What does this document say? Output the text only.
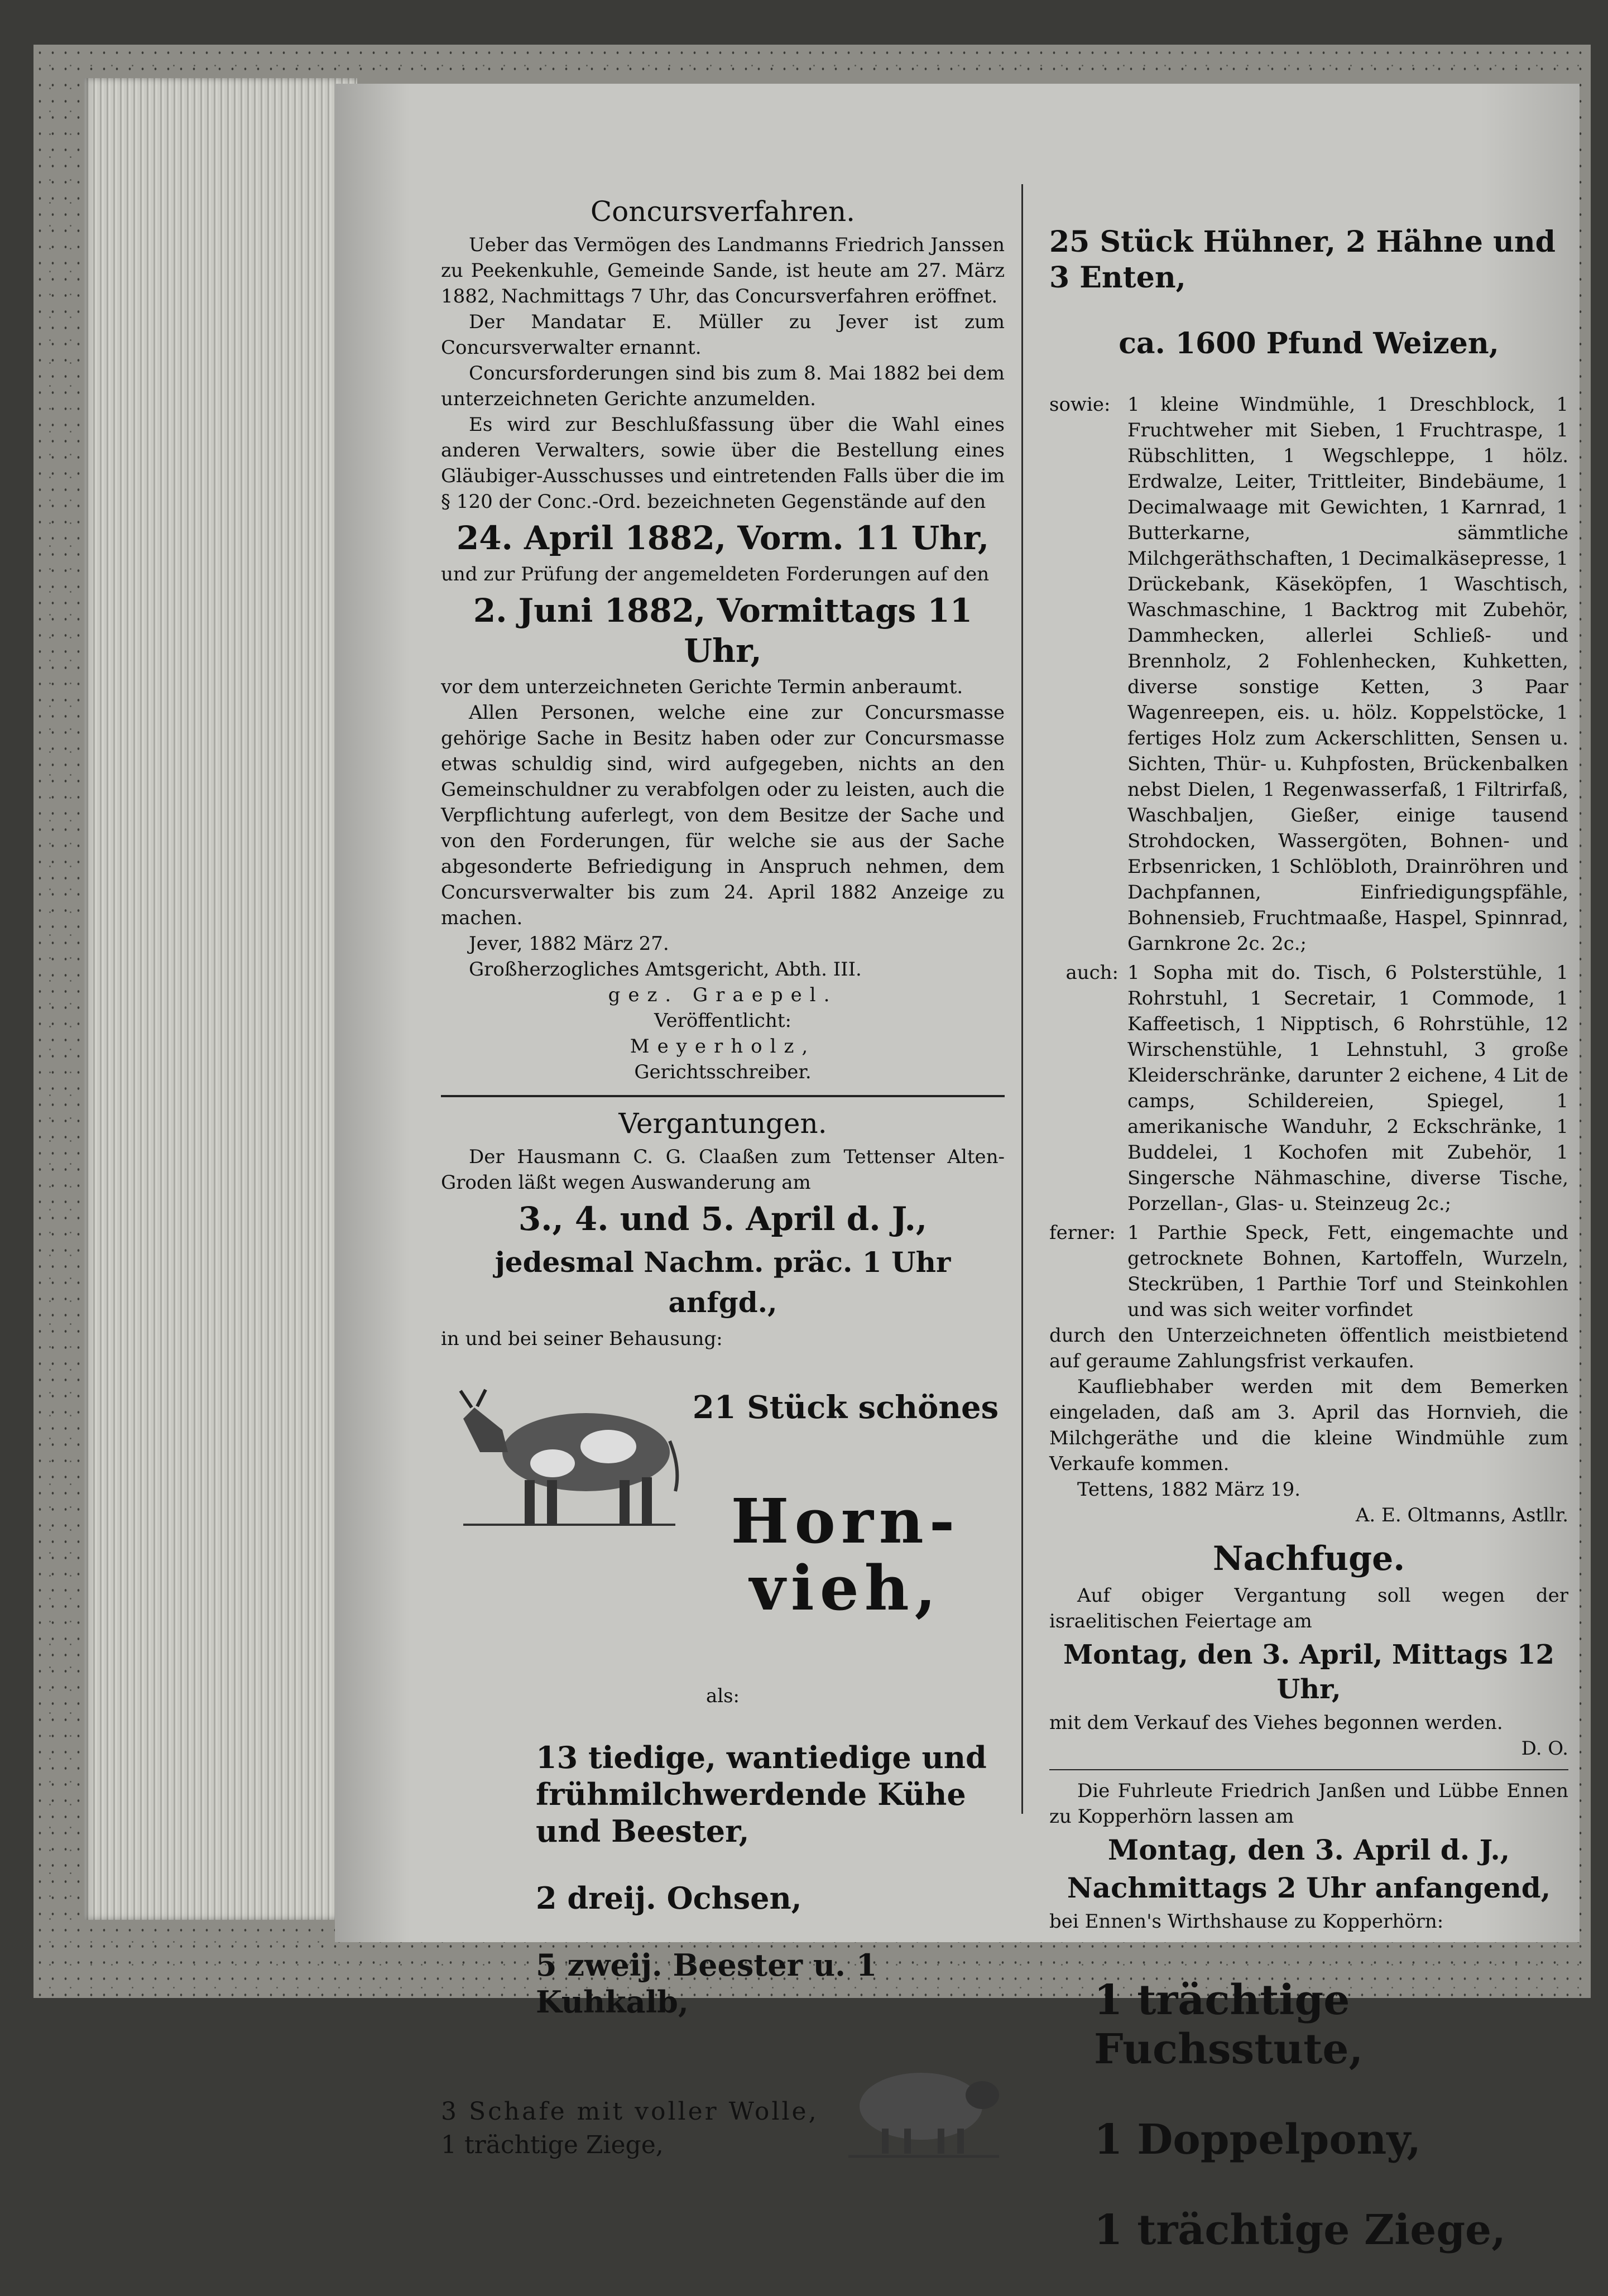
Concursverfahren.

Ueber das Vermögen des Landmanns Friedrich Janssen zu Peekenkuhle, Gemeinde Sande, ist heute am 27. März 1882, Nachmittags 7 Uhr, das Concursverfahren eröffnet.

Der Mandatar E. Müller zu Jever ist zum Concursverwalter ernannt.

Concursforderungen sind bis zum 8. Mai 1882 bei dem unterzeichneten Gerichte anzumelden.

Es wird zur Beschlußfassung über die Wahl eines anderen Verwalters, sowie über die Bestellung eines Gläubiger-Ausschusses und eintretenden Falls über die im § 120 der Conc.-Ord. bezeichneten Gegenstände auf den

24. April 1882, Vorm. 11 Uhr,

und zur Prüfung der angemeldeten Forderungen auf den

2. Juni 1882, Vormittags 11 Uhr,

vor dem unterzeichneten Gerichte Termin anberaumt.

Allen Personen, welche eine zur Concursmasse gehörige Sache in Besitz haben oder zur Concursmasse etwas schuldig sind, wird aufgegeben, nichts an den Gemeinschuldner zu verabfolgen oder zu leisten, auch die Verpflichtung auferlegt, von dem Besitze der Sache und von den Forderungen, für welche sie aus der Sache abgesonderte Befriedigung in Anspruch nehmen, dem Concursverwalter bis zum 24. April 1882 Anzeige zu machen.

Jever, 1882 März 27.

Großherzogliches Amtsgericht, Abth. III.

gez. Graepel.

Veröffentlicht:

Meyerholz,

Gerichtsschreiber.

Vergantungen.

Der Hausmann C. G. Claaßen zum Tettenser Alten-Groden läßt wegen Auswanderung am

3., 4. und 5. April d. J.,

jedesmal Nachm. präc. 1 Uhr anfgd.,

in und bei seiner Behausung:

21 Stück schönes

Horn- vieh,

als:

13 tiedige, wantiedige und frühmilchwerdende Kühe und Beester,

2 dreij. Ochsen,

5 zweij. Beester u. 1 Kuhkalb,

3 Schafe mit voller Wolle,

1 trächtige Ziege,

25 Stück Hühner, 2 Hähne und 3 Enten,

ca. 1600 Pfund Weizen,

sowie: 1 kleine Windmühle, 1 Dreschblock, 1 Fruchtweher mit Sieben, 1 Fruchtraspe, 1 Rübschlitten, 1 Wegschleppe, 1 hölz. Erdwalze, Leiter, Trittleiter, Bindebäume, 1 Decimalwaage mit Gewichten, 1 Karnrad, 1 Butterkarne, sämmtliche Milchgeräthschaften, 1 Decimalkäsepresse, 1 Drückebank, Käseköpfen, 1 Waschtisch, Waschmaschine, 1 Backtrog mit Zubehör, Dammhecken, allerlei Schließ- und Brennholz, 2 Fohlenhecken, Kuhketten, diverse sonstige Ketten, 3 Paar Wagenreepen, eis. u. hölz. Koppelstöcke, 1 fertiges Holz zum Ackerschlitten, Sensen u. Sichten, Thür- u. Kuhpfosten, Brückenbalken nebst Dielen, 1 Regenwasserfaß, 1 Filtrirfaß, Waschbaljen, Gießer, einige tausend Strohdocken, Wassergöten, Bohnen- und Erbsenricken, 1 Schlöbloth, Drainröhren und Dachpfannen, Einfriedigungspfähle, Bohnensieb, Fruchtmaaße, Haspel, Spinnrad, Garnkrone 2c. 2c.;
auch: 1 Sopha mit do. Tisch, 6 Polsterstühle, 1 Rohrstuhl, 1 Secretair, 1 Commode, 1 Kaffeetisch, 1 Nipptisch, 6 Rohrstühle, 12 Wirschenstühle, 1 Lehnstuhl, 3 große Kleiderschränke, darunter 2 eichene, 4 Lit de camps, Schildereien, Spiegel, 1 amerikanische Wanduhr, 2 Eckschränke, 1 Buddelei, 1 Kochofen mit Zubehör, 1 Singersche Nähmaschine, diverse Tische, Porzellan-, Glas- u. Steinzeug 2c.;
ferner: 1 Parthie Speck, Fett, eingemachte und getrocknete Bohnen, Kartoffeln, Wurzeln, Steckrüben, 1 Parthie Torf und Steinkohlen und was sich weiter vorfindet

durch den Unterzeichneten öffentlich meistbietend auf geraume Zahlungsfrist verkaufen.

Kaufliebhaber werden mit dem Bemerken eingeladen, daß am 3. April das Hornvieh, die Milchgeräthe und die kleine Windmühle zum Verkaufe kommen.

Tettens, 1882 März 19.

A. E. Oltmanns, Astllr.

Nachfuge.

Auf obiger Vergantung soll wegen der israelitischen Feiertage am

Montag, den 3. April, Mittags 12 Uhr,

mit dem Verkauf des Viehes begonnen werden.

D. O.

Die Fuhrleute Friedrich Janßen und Lübbe Ennen zu Kopperhörn lassen am

Montag, den 3. April d. J.,

Nachmittags 2 Uhr anfangend,

bei Ennen's Wirthshause zu Kopperhörn:

1 trächtige Fuchsstute,

1 Doppelpony,

1 trächtige Ziege,
